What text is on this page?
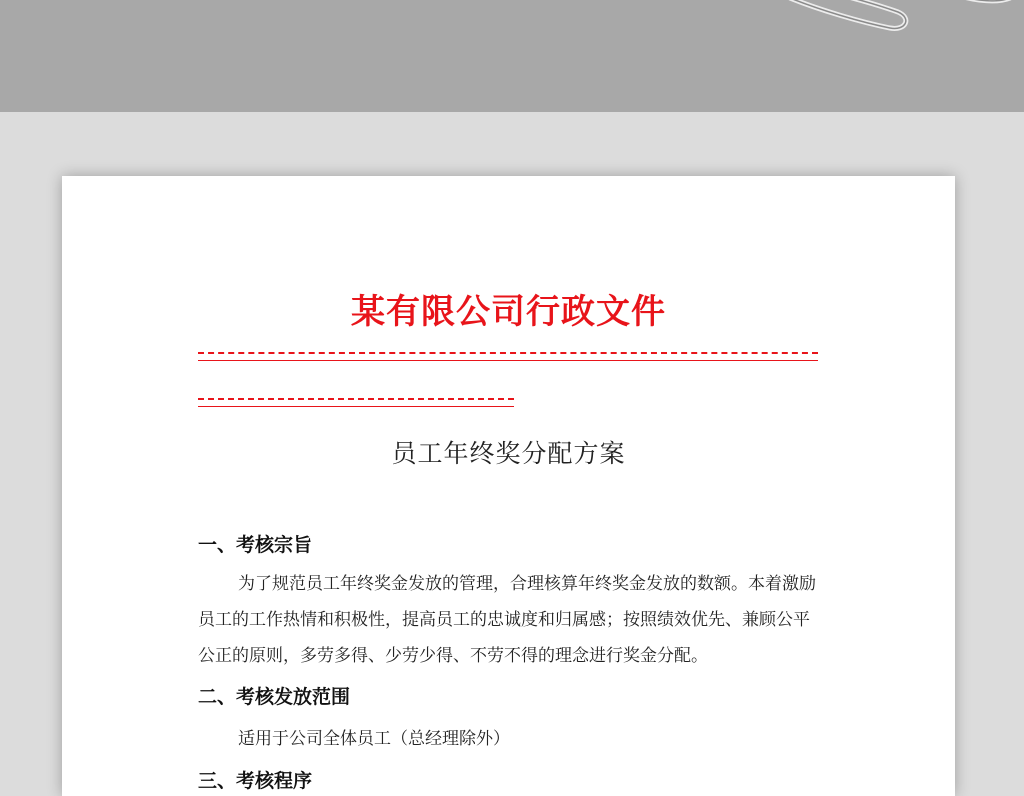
某有限公司行政文件
员工年终奖分配方案
一、考核宗旨
为了规范员工年终奖金发放的管理，合理核算年终奖金发放的数额。本着激励员工的工作热情和积极性，提高员工的忠诚度和归属感；按照绩效优先、兼顾公平公正的原则，多劳多得、少劳少得、不劳不得的理念进行奖金分配。
二、考核发放范围
适用于公司全体员工（总经理除外）
三、考核程序
